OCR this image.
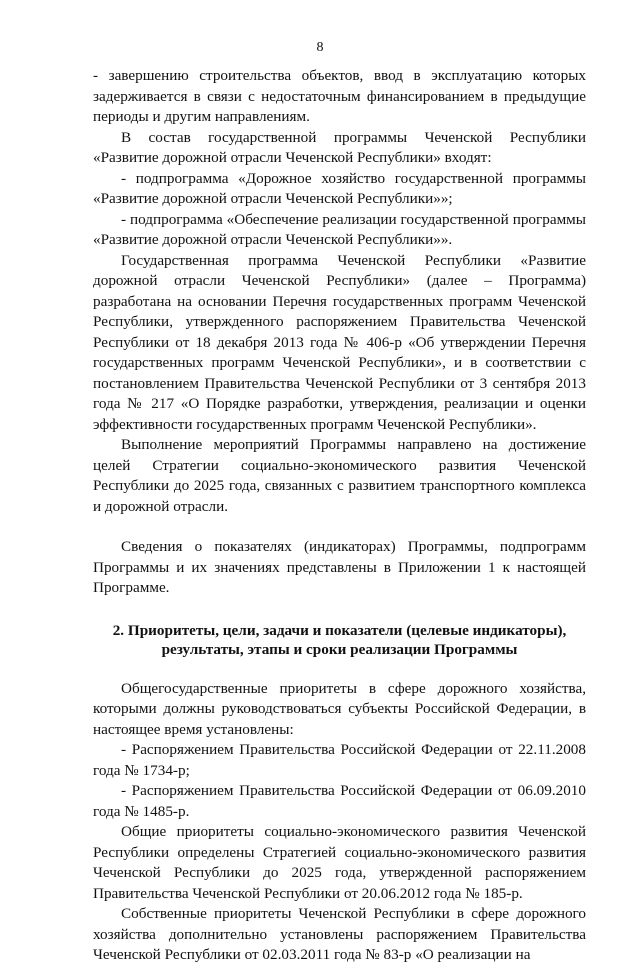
8

- завершению строительства объектов, ввод в эксплуатацию которых задерживается в связи с недостаточным финансированием в предыдущие периоды и другим направлениям.

В состав государственной программы Чеченской Республики «Развитие дорожной отрасли Чеченской Республики» входят:

- подпрограмма «Дорожное хозяйство государственной программы «Развитие дорожной отрасли Чеченской Республики»»;

- подпрограмма «Обеспечение реализации государственной программы «Развитие дорожной отрасли Чеченской Республики»».

Государственная программа Чеченской Республики «Развитие дорожной отрасли Чеченской Республики» (далее – Программа) разработана на основании Перечня государственных программ Чеченской Республики, утвержденного распоряжением Правительства Чеченской Республики от 18 декабря 2013 года № 406-р «Об утверждении Перечня государственных программ Чеченской Республики», и в соответствии с постановлением Правительства Чеченской Республики от 3 сентября 2013 года № 217 «О Порядке разработки, утверждения, реализации и оценки эффективности государственных программ Чеченской Республики».

Выполнение мероприятий Программы направлено на достижение целей Стратегии социально-экономического развития Чеченской Республики до 2025 года, связанных с развитием транспортного комплекса и дорожной отрасли.

Сведения о показателях (индикаторах) Программы, подпрограмм Программы и их значениях представлены в Приложении 1 к настоящей Программе.

2. Приоритеты, цели, задачи и показатели (целевые индикаторы),
результаты, этапы и сроки реализации Программы

Общегосударственные приоритеты в сфере дорожного хозяйства, которыми должны руководствоваться субъекты Российской Федерации, в настоящее время установлены:

- Распоряжением Правительства Российской Федерации от 22.11.2008 года № 1734-р;

- Распоряжением Правительства Российской Федерации от 06.09.2010 года № 1485-р.

Общие приоритеты социально-экономического развития Чеченской Республики определены Стратегией социально-экономического развития Чеченской Республики до 2025 года, утвержденной распоряжением Правительства Чеченской Республики от 20.06.2012 года № 185-р.

Собственные приоритеты Чеченской Республики в сфере дорожного хозяйства дополнительно установлены распоряжением Правительства Чеченской Республики от 02.03.2011 года № 83-р «О реализации на
